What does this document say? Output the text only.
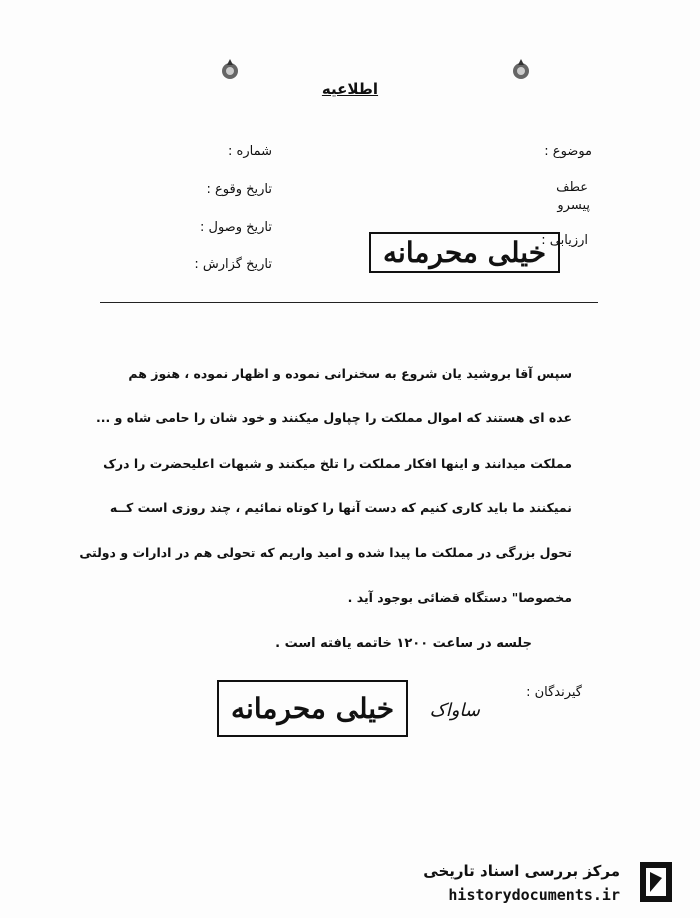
اطلاعیه
موضوع :
عطف
پیسرو
ارزیابی :
شماره :
تاریخ وقوع :
تاریخ وصول :
تاریخ گزارش :	خیلی محرمانه
سپس آقا بروشید یان شروع به سخنرانی نموده و اظهار نموده ، هنوز هم
عده ای هستند که اموال مملکت را چپاول میکنند و خود شان را حامی شاه و ...
مملکت میدانند و اینها افکار مملکت را تلخ میکنند و شبهات اعلیحضرت را درک
نمیکنند ما باید کاری کنیم که دست آنها را کوتاه نمائیم ، چند روزی است کــه
تحول بزرگی در مملکت ما پیدا شده و امید واریم که تحولی هم در ادارات و دولتی
مخصوصا" دستگاه قضائی بوجود آید .
جلسه در ساعت ۱۲۰۰ خاتمه یافته است .
گیرندگان :
ساواک
خیلی محرمانه
مرکز بررسی اسناد تاریخی
historydocuments.ir
